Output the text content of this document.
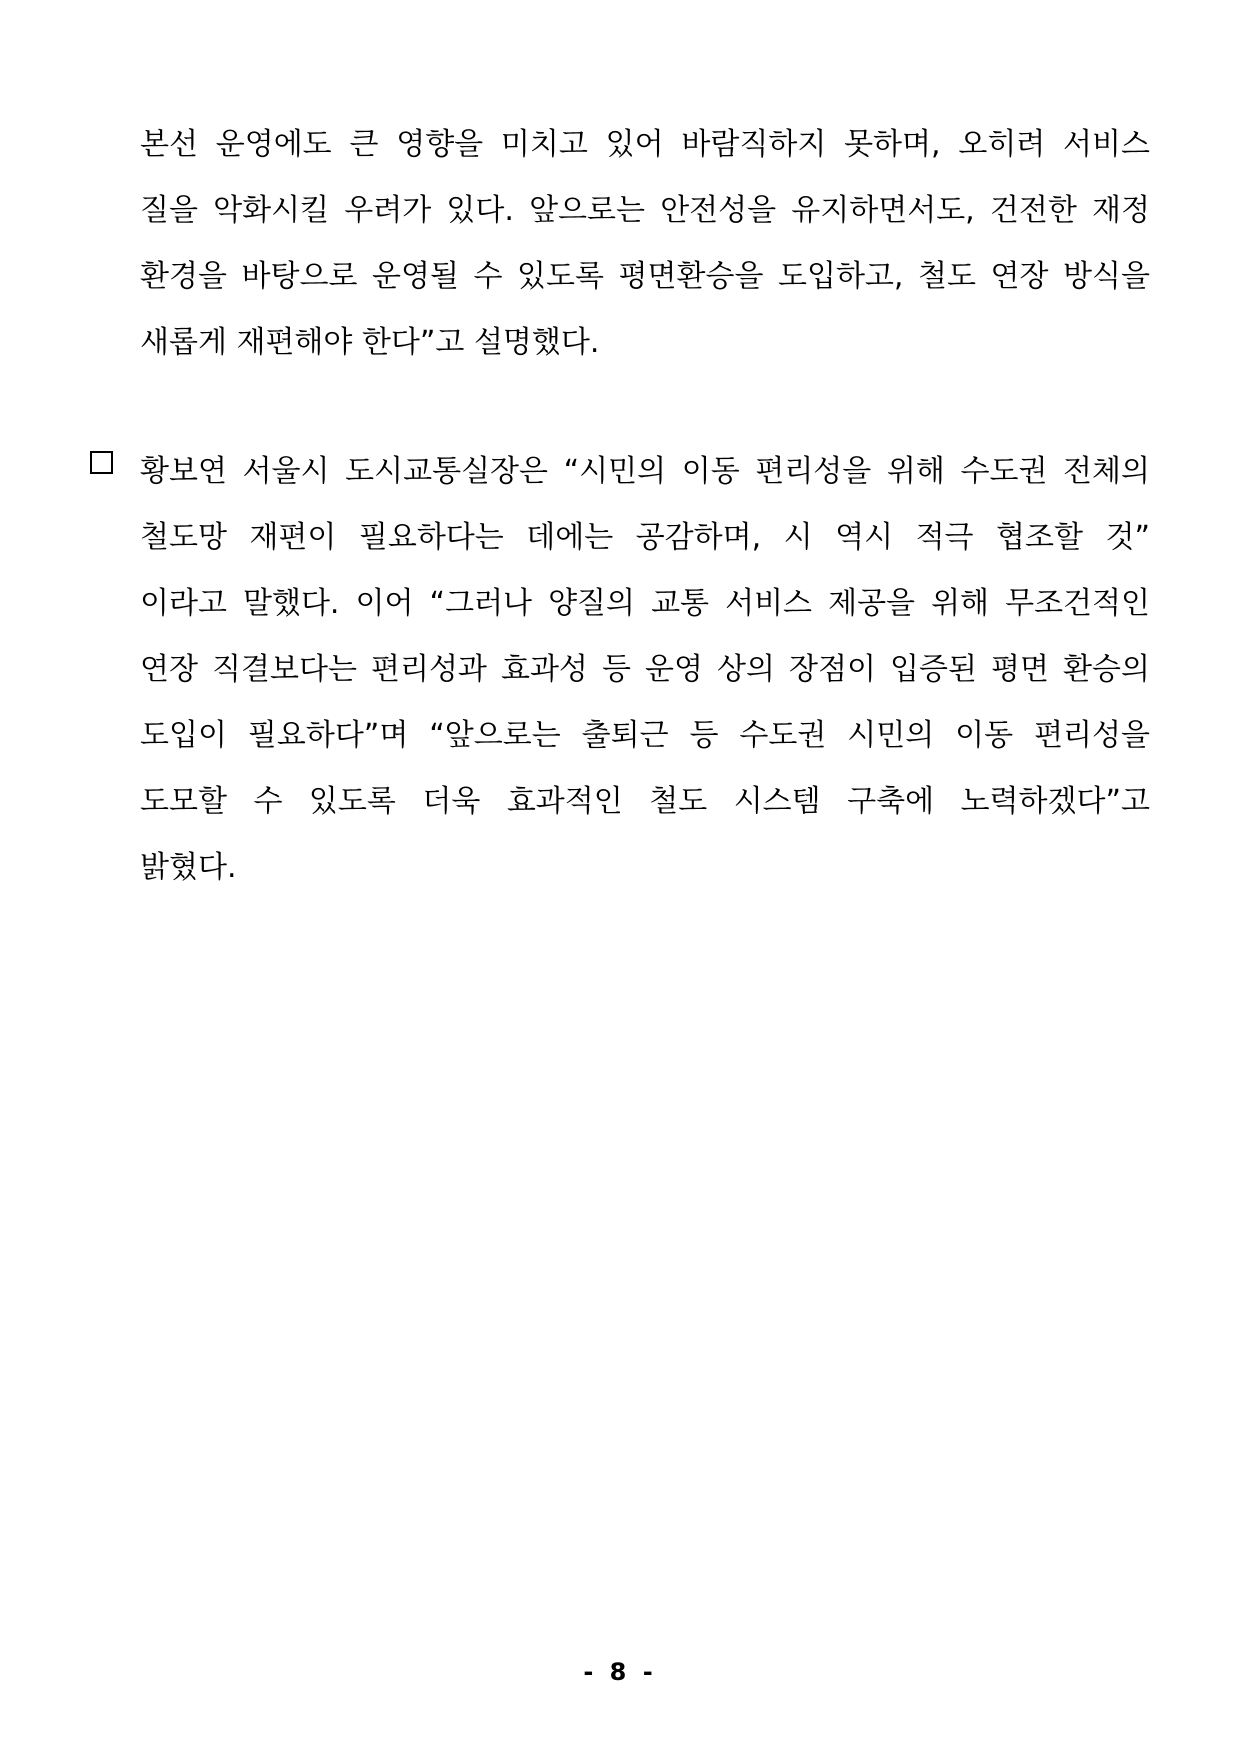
본선 운영에도 큰 영향을 미치고 있어 바람직하지 못하며, 오히려 서비스
질을 악화시킬 우려가 있다. 앞으로는 안전성을 유지하면서도, 건전한 재정
환경을 바탕으로 운영될 수 있도록 평면환승을 도입하고, 철도 연장 방식을
새롭게 재편해야 한다”고 설명했다.
황보연 서울시 도시교통실장은 “시민의 이동 편리성을 위해 수도권 전체의
철도망 재편이 필요하다는 데에는 공감하며, 시 역시 적극 협조할 것”
이라고 말했다. 이어 “그러나 양질의 교통 서비스 제공을 위해 무조건적인
연장 직결보다는 편리성과 효과성 등 운영 상의 장점이 입증된 평면 환승의
도입이 필요하다”며 “앞으로는 출퇴근 등 수도권 시민의 이동 편리성을
도모할 수 있도록 더욱 효과적인 철도 시스템 구축에 노력하겠다”고
밝혔다.
- 8 -
